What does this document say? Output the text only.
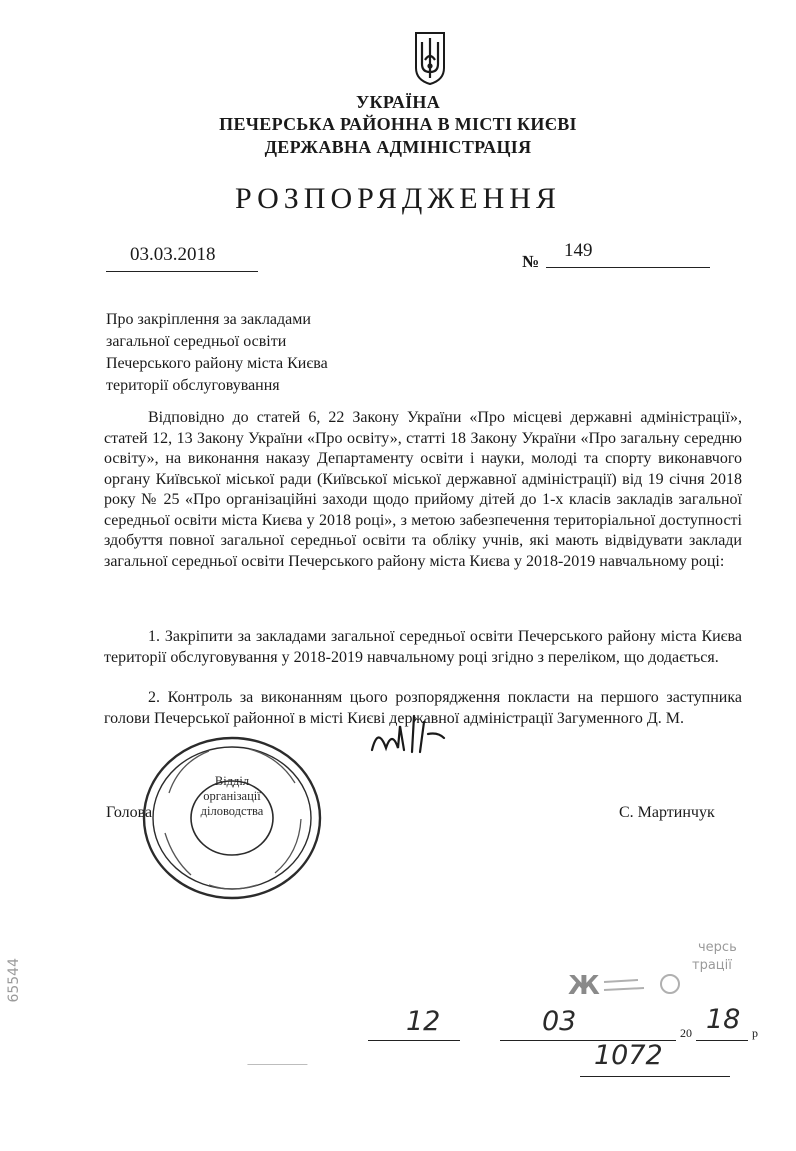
УКРАЇНА
ПЕЧЕРСЬКА РАЙОННА В МІСТІ КИЄВІ
ДЕРЖАВНА АДМІНІСТРАЦІЯ
РОЗПОРЯДЖЕННЯ
03.03.2018	№
149
Про закріплення за закладами
загальної середньої освіти
Печерського району міста Києва
території обслуговування
Відповідно до статей 6, 22 Закону України «Про місцеві державні адміністрації», статей 12, 13 Закону України «Про освіту», статті 18 Закону України «Про загальну середню освіту», на виконання наказу Департаменту освіти і науки, молоді та спорту виконавчого органу Київської міської ради (Київської міської державної адміністрації) від 19 січня 2018 року № 25 «Про організаційні заходи щодо прийому дітей до 1-х класів закладів загальної середньої освіти міста Києва у 2018 році», з метою забезпечення територіальної доступності здобуття повної загальної середньої освіти та обліку учнів, які мають відвідувати заклади загальної середньої освіти Печерського району міста Києва у 2018-2019 навчальному році:
1. Закріпити за закладами загальної середньої освіти Печерського району міста Києва території обслуговування у 2018-2019 навчальному році згідно з переліком, що додається.
2. Контроль за виконанням цього розпорядження покласти на першого заступника голови Печерської районної в місті Києві державної адміністрації Загуменного Д. М.
Голова	С. Мартинчук
Відділ
організації
діловодства
черсь
трації
65544	Ж
12	03	20 18 р
1072
